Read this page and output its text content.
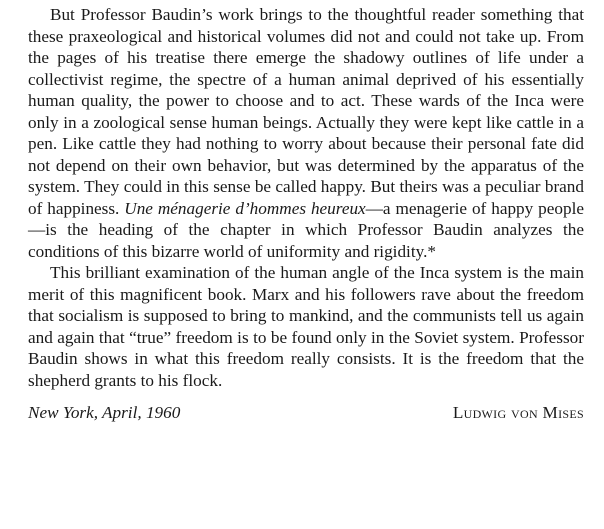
But Professor Baudin’s work brings to the thoughtful reader something that these praxeological and historical volumes did not and could not take up. From the pages of his treatise there emerge the shadowy outlines of life under a collectivist regime, the spectre of a human animal deprived of his essentially human quality, the power to choose and to act. These wards of the Inca were only in a zoological sense human beings. Actually they were kept like cattle in a pen. Like cattle they had nothing to worry about because their personal fate did not depend on their own behavior, but was determined by the apparatus of the system. They could in this sense be called happy. But theirs was a peculiar brand of happiness. Une ménagerie d’hommes heureux—a menagerie of happy people—is the heading of the chapter in which Professor Baudin analyzes the conditions of this bizarre world of uniformity and rigidity.*

This brilliant examination of the human angle of the Inca system is the main merit of this magnificent book. Marx and his followers rave about the freedom that socialism is supposed to bring to mankind, and the communists tell us again and again that “true” freedom is to be found only in the Soviet system. Professor Baudin shows in what this freedom really consists. It is the freedom that the shepherd grants to his flock.

New York, April, 1960	Ludwig von Mises
